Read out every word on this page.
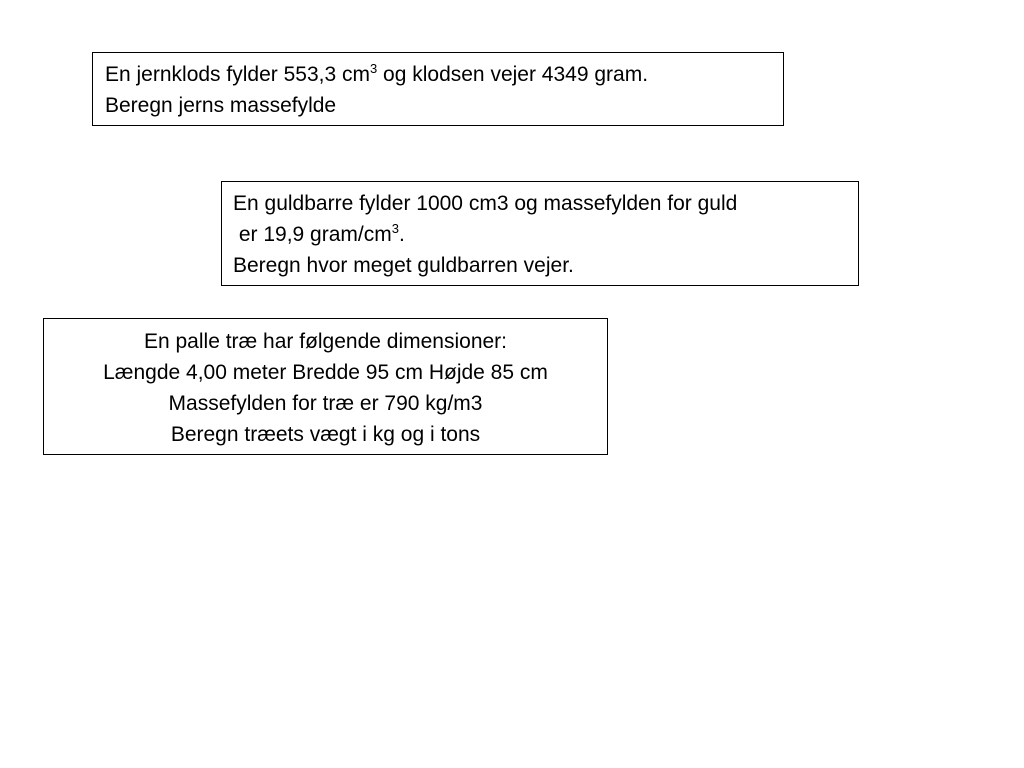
En jernklods fylder 553,3 $cm^3$ og klodsen vejer 4349 gram.
Beregn jerns massefylde
En guldbarre fylder 1000 cm3 og massefylden for guld
er 19,9 gram/$cm^3$.
Beregn hvor meget guldbarren vejer.
En palle træ har følgende dimensioner:
Længde 4,00 meter Bredde 95 cm Højde 85 cm
Massefylden for træ er 790 kg/m3
Beregn træets vægt i kg og i tons
